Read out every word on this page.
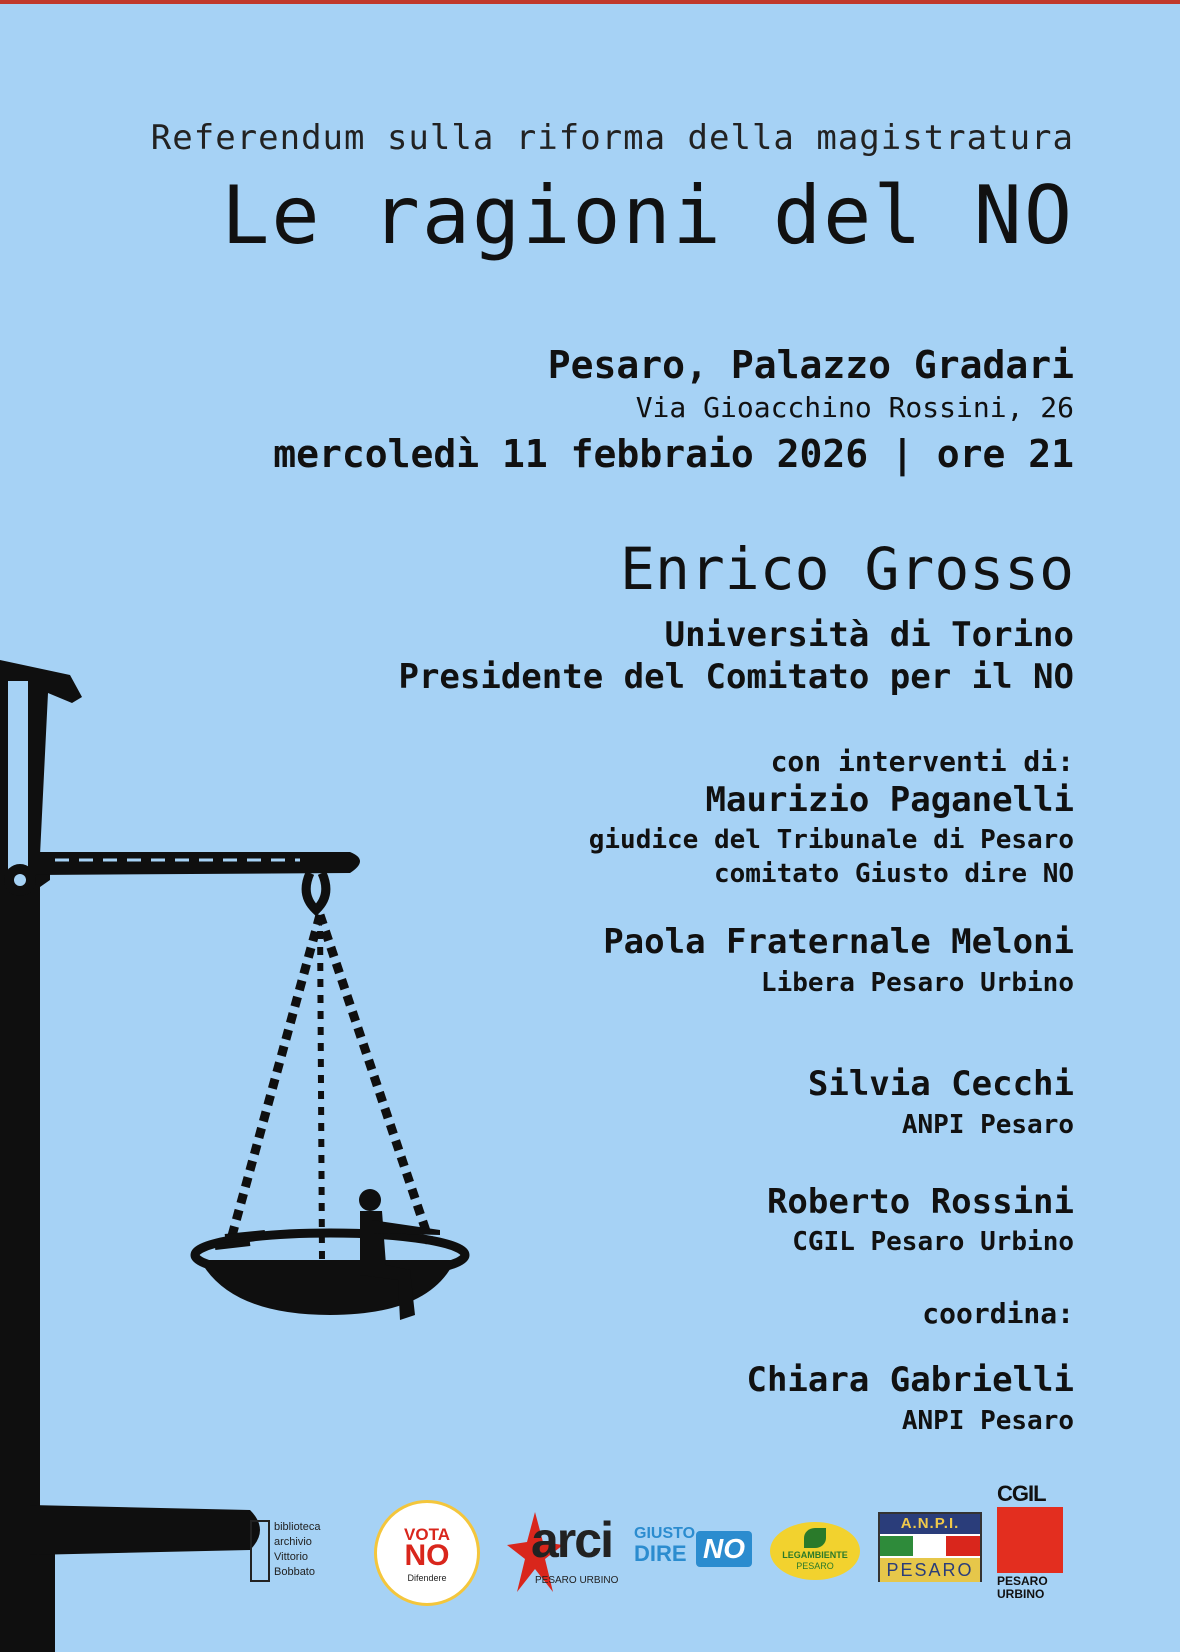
Referendum sulla riforma della magistratura

Le ragioni del NO

Pesaro, Palazzo Gradari

Via Gioacchino Rossini, 26

mercoledì 11 febbraio 2026 | ore 21

Enrico Grosso

Università di Torino

Presidente del Comitato per il NO

con interventi di:

Maurizio Paganelli

giudice del Tribunale di Pesaro

comitato Giusto dire NO

Paola Fraternale Meloni

Libera Pesaro Urbino

Silvia Cecchi

ANPI Pesaro

Roberto Rossini

CGIL Pesaro Urbino

coordina:

Chiara Gabrielli

ANPI Pesaro

biblioteca
archivio
Vittorio
Bobbato
VOTA
NO
Difendere
arci
PESARO URBINO
GIUSTO
DIRE NO	LEGAMBIENTE
PESARO
A.N.P.I.
PESARO
CGIL
PESARO
URBINO
